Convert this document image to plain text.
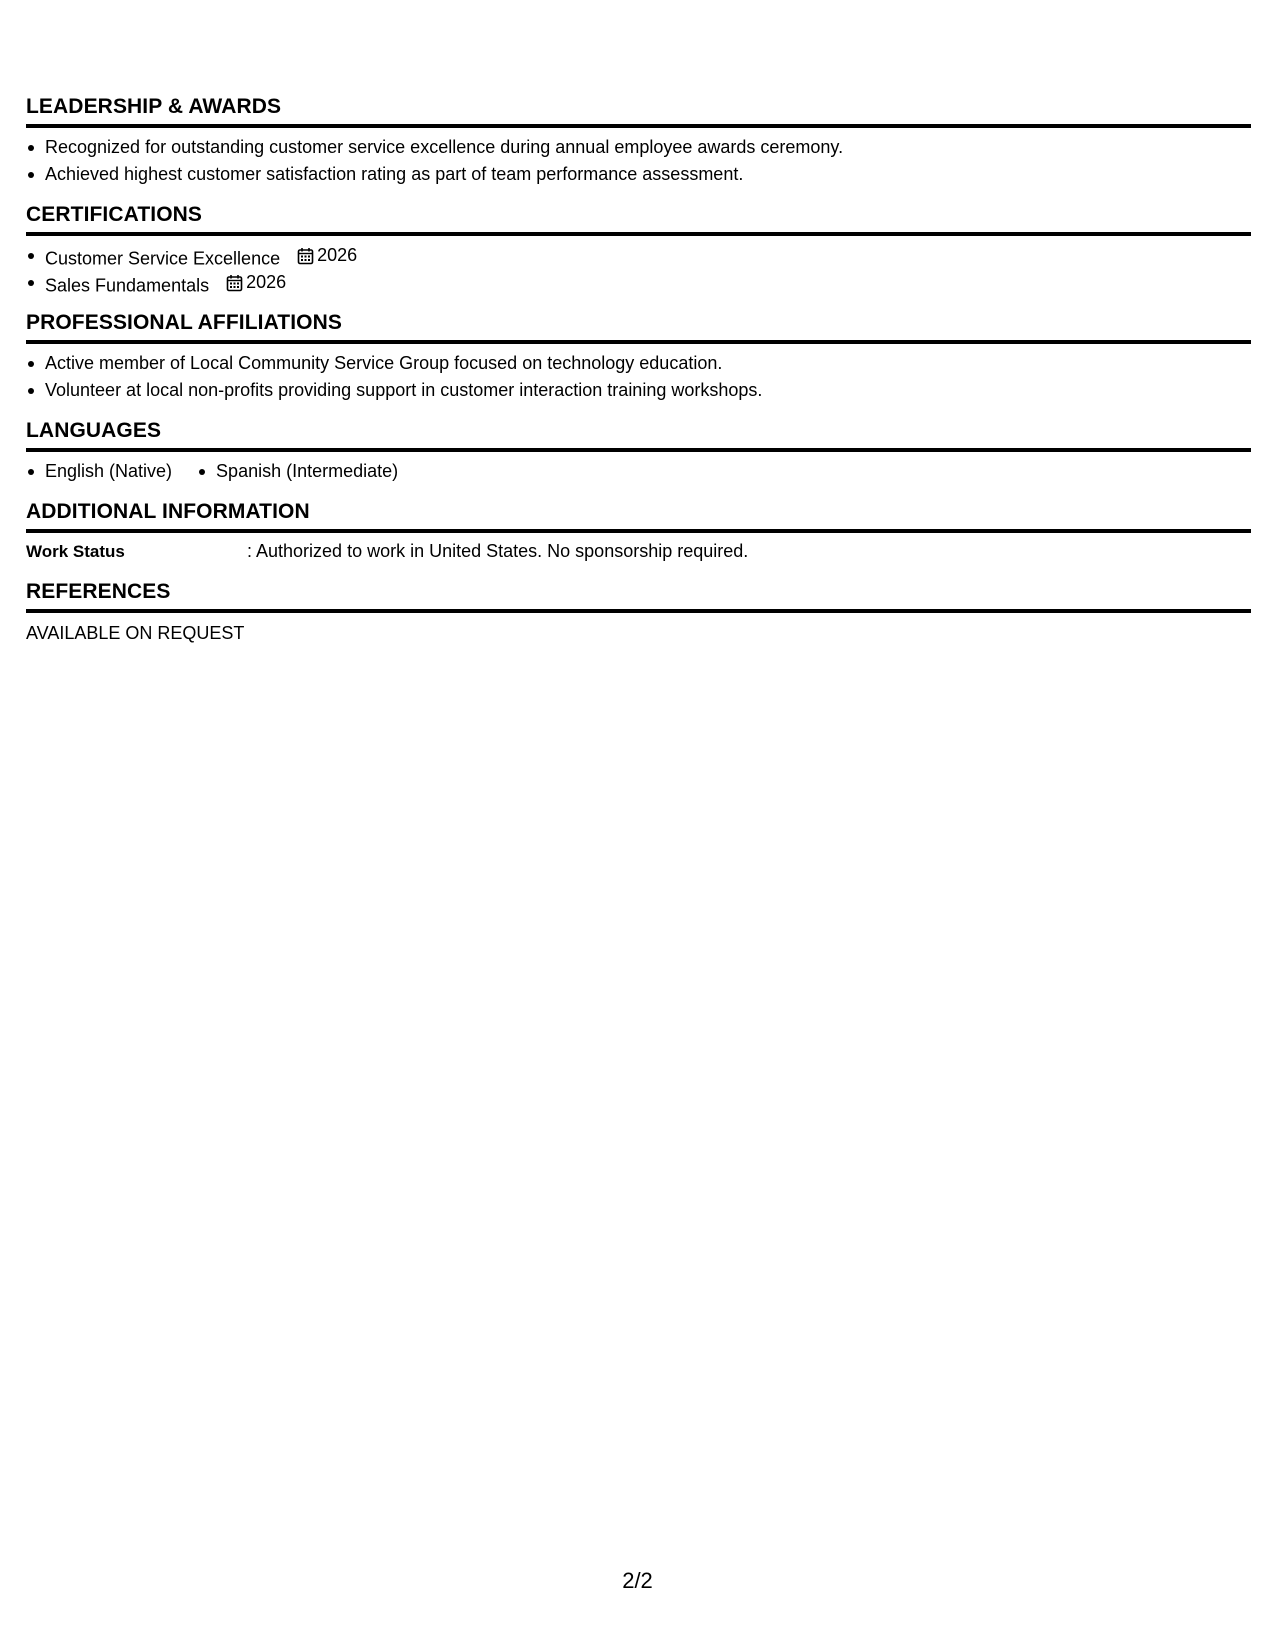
LEADERSHIP & AWARDS
Recognized for outstanding customer service excellence during annual employee awards ceremony.
Achieved highest customer satisfaction rating as part of team performance assessment.
CERTIFICATIONS
Customer Service Excellence 2026
Sales Fundamentals 2026
PROFESSIONAL AFFILIATIONS
Active member of Local Community Service Group focused on technology education.
Volunteer at local non-profits providing support in customer interaction training workshops.
LANGUAGES
English (Native)	Spanish (Intermediate)
ADDITIONAL INFORMATION
Work Status	: Authorized to work in United States. No sponsorship required.
REFERENCES
AVAILABLE ON REQUEST
2/2
